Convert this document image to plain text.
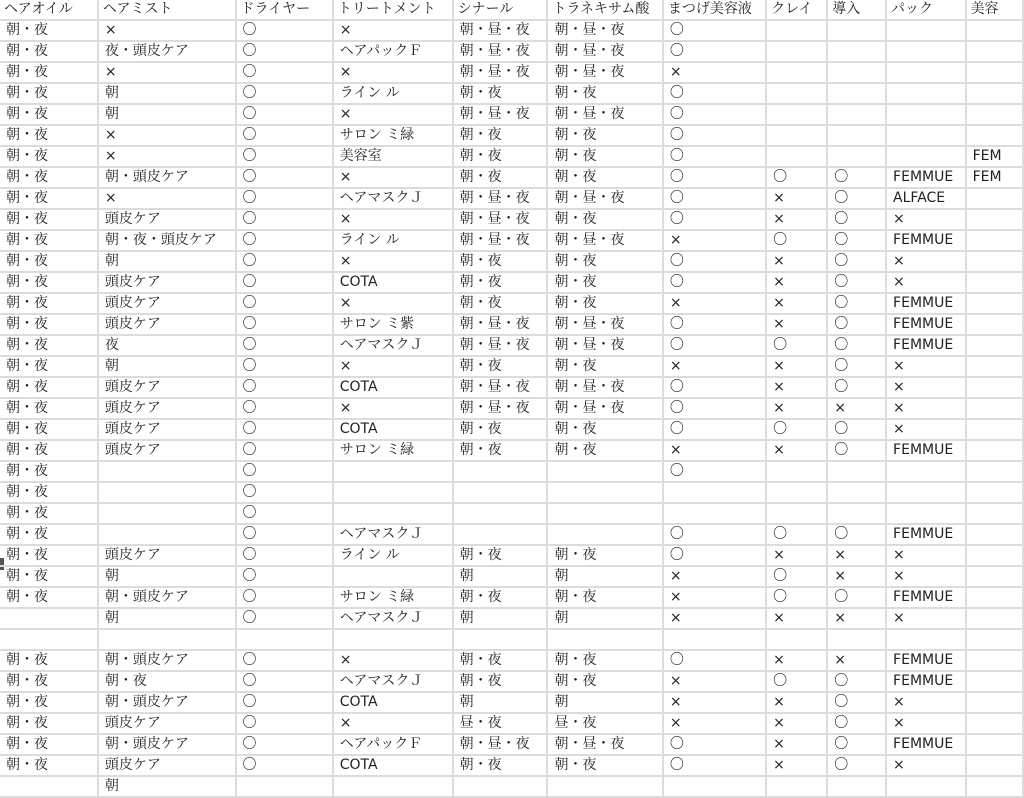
ヘアオイル	ヘアミスト	ドライヤー	トリートメント	シナール	トラネキサム酸	まつげ美容液	クレイ	導入	パック	美容
朝・夜	×	〇	×	朝・昼・夜	朝・昼・夜	〇				
朝・夜	夜・頭皮ケア	〇	ヘアパックＦ	朝・昼・夜	朝・昼・夜	〇				
朝・夜	×	〇	×	朝・昼・夜	朝・昼・夜	×				
朝・夜	朝	〇	ライン ル	朝・夜	朝・夜	〇				
朝・夜	朝	〇	×	朝・昼・夜	朝・昼・夜	〇				
朝・夜	×	〇	サロン ミ緑	朝・夜	朝・夜	〇				
朝・夜	×	〇	美容室	朝・夜	朝・夜	〇				FEM
朝・夜	朝・頭皮ケア	〇	×	朝・夜	朝・夜	〇	〇	〇	FEMMUE	FEM
朝・夜	×	〇	ヘアマスクＪ	朝・昼・夜	朝・昼・夜	〇	×	〇	ALFACE	
朝・夜	頭皮ケア	〇	×	朝・昼・夜	朝・夜	〇	×	〇	×	
朝・夜	朝・夜・頭皮ケア	〇	ライン ル	朝・昼・夜	朝・昼・夜	×	〇	〇	FEMMUE	
朝・夜	朝	〇	×	朝・夜	朝・夜	〇	×	〇	×	
朝・夜	頭皮ケア	〇	COTA	朝・夜	朝・夜	〇	×	〇	×	
朝・夜	頭皮ケア	〇	×	朝・夜	朝・夜	×	×	〇	FEMMUE	
朝・夜	頭皮ケア	〇	サロン ミ紫	朝・昼・夜	朝・昼・夜	〇	×	〇	FEMMUE	
朝・夜	夜	〇	ヘアマスクＪ	朝・昼・夜	朝・昼・夜	〇	〇	〇	FEMMUE	
朝・夜	朝	〇	×	朝・夜	朝・夜	×	×	〇	×	
朝・夜	頭皮ケア	〇	COTA	朝・昼・夜	朝・昼・夜	〇	×	〇	×	
朝・夜	頭皮ケア	〇	×	朝・昼・夜	朝・昼・夜	〇	×	×	×	
朝・夜	頭皮ケア	〇	COTA	朝・夜	朝・夜	〇	〇	〇	×	
朝・夜	頭皮ケア	〇	サロン ミ緑	朝・夜	朝・夜	×	×	〇	FEMMUE	
朝・夜		〇				〇				
朝・夜		〇								
朝・夜		〇								
朝・夜		〇	ヘアマスクＪ			〇	〇	〇	FEMMUE	
朝・夜	頭皮ケア	〇	ライン ル	朝・夜	朝・夜	〇	×	×	×	
朝・夜	朝	〇		朝	朝	×	〇	×	×	
朝・夜	朝・頭皮ケア	〇	サロン ミ緑	朝・夜	朝・夜	×	〇	〇	FEMMUE	
	朝	〇	ヘアマスクＪ	朝	朝	×	×	×	×	

朝・夜	朝・頭皮ケア	〇	×	朝・夜	朝・夜	〇	×	×	FEMMUE	
朝・夜	朝・夜	〇	ヘアマスクＪ	朝・夜	朝・夜	×	〇	〇	FEMMUE	
朝・夜	朝・頭皮ケア	〇	COTA	朝	朝	×	×	〇	×	
朝・夜	頭皮ケア	〇	×	昼・夜	昼・夜	×	×	〇	×	
朝・夜	朝・頭皮ケア	〇	ヘアパックＦ	朝・昼・夜	朝・昼・夜	〇	×	〇	FEMMUE	
朝・夜	頭皮ケア	〇	COTA	朝・夜	朝・夜	〇	×	〇	×	
	朝									
